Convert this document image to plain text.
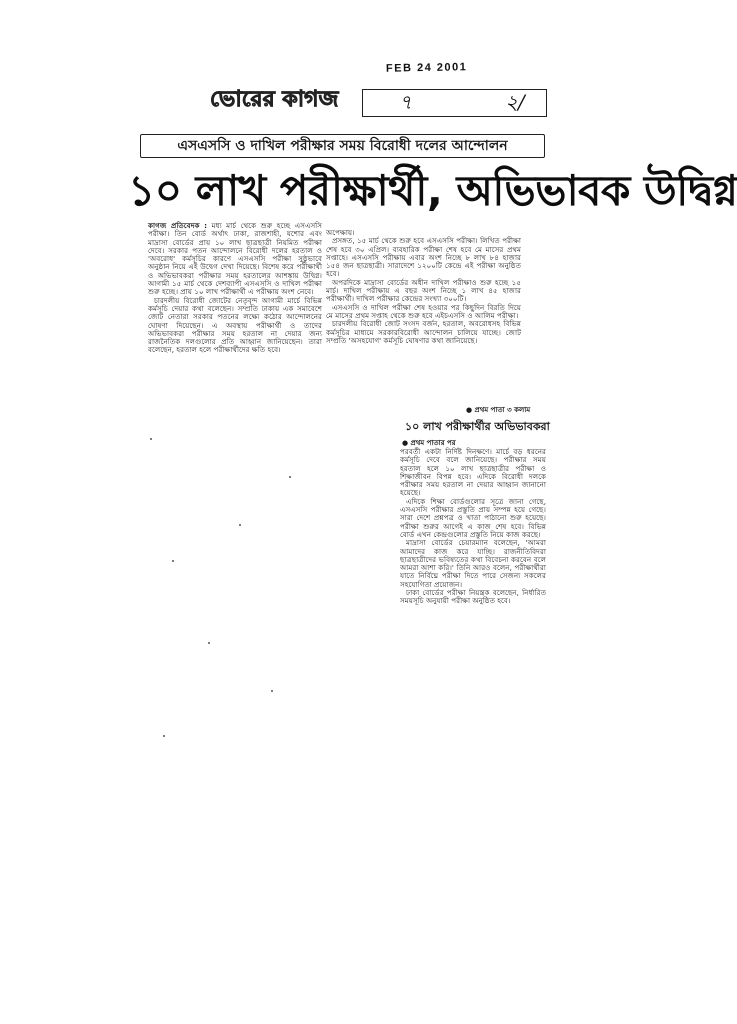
FEB 24 2001
ভোরের কাগজ	৭	২/
এসএসসি ও দাখিল পরীক্ষার সময় বিরোধী দলের আন্দোলন
১০ লাখ পরীক্ষার্থী, অভিভাবক উদ্বিগ্ন

কাগজ প্রতিবেদক : মধ্য মার্চ থেকে শুরু হচ্ছে এসএসসি পরীক্ষা। তিন বোর্ড অর্থাৎ ঢাকা, রাজশাহী, যশোর এবং মাদ্রাসা বোর্ডের প্রায় ১০ লাখ ছাত্রছাত্রী নিয়মিত পরীক্ষা দেবে। সরকার পতন আন্দোলনে বিরোধী দলের হরতাল ও 'অবরোধ' কর্মসূচির কারণে এসএসসি পরীক্ষা সুষ্ঠুভাবে অনুষ্ঠান নিয়ে এই উদ্বেগ দেখা দিয়েছে। বিশেষ করে পরীক্ষার্থী ও অভিভাবকরা পরীক্ষার সময় হরতালের আশঙ্কায় উদ্বিগ্ন। আগামী ১৫ মার্চ থেকে দেশব্যাপী এসএসসি ও দাখিল পরীক্ষা শুরু হচ্ছে। প্রায় ১০ লাখ পরীক্ষার্থী এ পরীক্ষায় অংশ নেবে।

চারদলীয় বিরোধী জোটের নেতৃবৃন্দ আগামী মার্চে বিভিন্ন কর্মসূচি দেয়ার কথা বলেছেন। সম্প্রতি ঢাকায় এক সমাবেশে জোট নেতারা সরকার পতনের লক্ষ্যে কঠোর আন্দোলনের ঘোষণা দিয়েছেন। এ অবস্থায় পরীক্ষার্থী ও তাদের অভিভাবকরা পরীক্ষার সময় হরতাল না দেয়ার জন্য রাজনৈতিক দলগুলোর প্রতি আহ্বান জানিয়েছেন। তারা বলেছেন, হরতাল হলে পরীক্ষার্থীদের ক্ষতি হবে।

অপেক্ষায়।

প্রসঙ্গত, ১৫ মার্চ থেকে শুরু হবে এসএসসি পরীক্ষা। লিখিত পরীক্ষা শেষ হবে ৩০ এপ্রিল। ব্যবহারিক পরীক্ষা শেষ হবে মে মাসের প্রথম সপ্তাহে। এসএসসি পরীক্ষায় এবার অংশ নিচ্ছে ৮ লাখ ৮৪ হাজার ১৫৪ জন ছাত্রছাত্রী। সারাদেশে ১২০০টি কেন্দ্রে এই পরীক্ষা অনুষ্ঠিত হবে।

অপরদিকে মাদ্রাসা বোর্ডের অধীন দাখিল পরীক্ষাও শুরু হচ্ছে ১৫ মার্চ। দাখিল পরীক্ষায় এ বছর অংশ নিচ্ছে ১ লাখ ৪৫ হাজার পরীক্ষার্থী। দাখিল পরীক্ষার কেন্দ্রের সংখ্যা ৩০০টি।

এসএসসি ও দাখিল পরীক্ষা শেষ হওয়ার পর কিছুদিন বিরতি দিয়ে মে মাসের প্রথম সপ্তাহ থেকে শুরু হবে এইচএসসি ও আলিম পরীক্ষা।

চারদলীয় বিরোধী জোট সংসদ বর্জন, হরতাল, অবরোধসহ বিভিন্ন কর্মসূচির মাধ্যমে সরকারবিরোধী আন্দোলন চালিয়ে যাচ্ছে। জোট সম্প্রতি 'অসহযোগ' কর্মসূচি ঘোষণার কথা জানিয়েছে।

● প্রথম পাতা ৩ কলাম
১০ লাখ পরীক্ষার্থীর অভিভাবকরা
● প্রথম পাতার পর

পরবর্তী একটা নির্দিষ্ট দিনক্ষণে। মার্চে বড় ধরনের কর্মসূচি দেবে বলে জানিয়েছে। পরীক্ষার সময় হরতাল হলে ১০ লাখ ছাত্রছাত্রীর পরীক্ষা ও শিক্ষাজীবন বিপন্ন হবে। এদিকে বিরোধী দলকে পরীক্ষার সময় হরতাল না দেয়ার আহ্বান জানানো হয়েছে।

এদিকে শিক্ষা বোর্ডগুলোর সূত্রে জানা গেছে, এসএসসি পরীক্ষার প্রস্তুতি প্রায় সম্পন্ন হয়ে গেছে। সারা দেশে প্রশ্নপত্র ও খাতা পাঠানো শুরু হয়েছে। পরীক্ষা শুরুর আগেই এ কাজ শেষ হবে। বিভিন্ন বোর্ড এখন কেন্দ্রগুলোর প্রস্তুতি নিয়ে কাজ করছে।

মাদ্রাসা বোর্ডের চেয়ারম্যান বলেছেন, 'আমরা আমাদের কাজ করে যাচ্ছি। রাজনীতিবিদরা ছাত্রছাত্রীদের ভবিষ্যতের কথা বিবেচনা করবেন বলে আমরা আশা করি।' তিনি আরও বলেন, পরীক্ষার্থীরা যাতে নির্বিঘ্নে পরীক্ষা দিতে পারে সেজন্য সকলের সহযোগিতা প্রয়োজন।

ঢাকা বোর্ডের পরীক্ষা নিয়ন্ত্রক বলেছেন, নির্ধারিত সময়সূচি অনুযায়ী পরীক্ষা অনুষ্ঠিত হবে।
